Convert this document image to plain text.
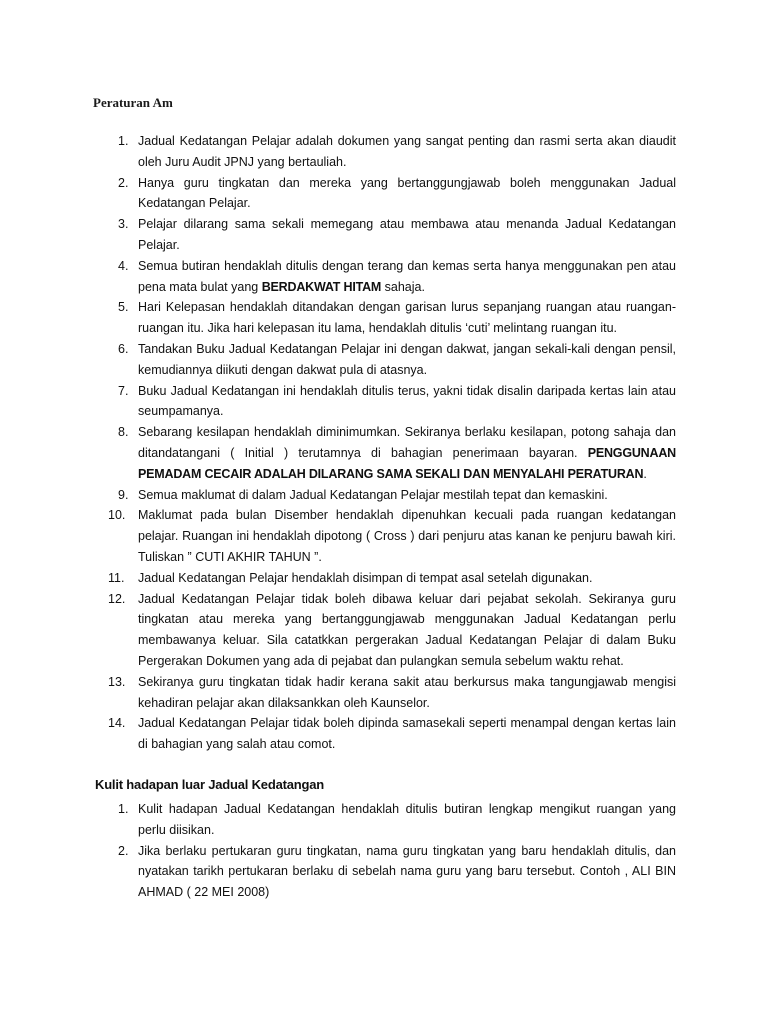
Peraturan Am
1. Jadual Kedatangan Pelajar adalah dokumen yang sangat penting dan rasmi serta akan diaudit oleh Juru Audit JPNJ yang bertauliah.
2. Hanya guru tingkatan dan mereka yang bertanggungjawab boleh menggunakan Jadual Kedatangan Pelajar.
3. Pelajar dilarang sama sekali memegang atau membawa atau menanda Jadual Kedatangan Pelajar.
4. Semua butiran hendaklah ditulis dengan terang dan kemas serta hanya menggunakan pen atau pena mata bulat yang BERDAKWAT HITAM sahaja.
5. Hari Kelepasan hendaklah ditandakan dengan garisan lurus sepanjang ruangan atau ruangan-ruangan itu. Jika hari kelepasan itu lama, hendaklah ditulis ‘cuti’ melintang ruangan itu.
6. Tandakan Buku Jadual Kedatangan Pelajar ini dengan dakwat, jangan sekali-kali dengan pensil, kemudiannya diikuti dengan dakwat pula di atasnya.
7. Buku Jadual Kedatangan ini hendaklah ditulis terus, yakni tidak disalin daripada kertas lain atau seumpamanya.
8. Sebarang kesilapan hendaklah diminimumkan. Sekiranya berlaku kesilapan, potong sahaja dan ditandatangani ( Initial ) terutamnya di bahagian penerimaan bayaran. PENGGUNAAN PEMADAM CECAIR ADALAH DILARANG SAMA SEKALI DAN MENYALAHI PERATURAN.
9. Semua maklumat di dalam Jadual Kedatangan Pelajar mestilah tepat dan kemaskini.
10. Maklumat pada bulan Disember hendaklah dipenuhkan kecuali pada ruangan kedatangan pelajar. Ruangan ini hendaklah dipotong ( Cross ) dari penjuru atas kanan ke penjuru bawah kiri. Tuliskan ” CUTI AKHIR TAHUN ”.
11. Jadual Kedatangan Pelajar hendaklah disimpan di tempat asal setelah digunakan.
12. Jadual Kedatangan Pelajar tidak boleh dibawa keluar dari pejabat sekolah. Sekiranya guru tingkatan atau mereka yang bertanggungjawab menggunakan Jadual Kedatangan perlu membawanya keluar. Sila catatkkan pergerakan Jadual Kedatangan Pelajar di dalam Buku Pergerakan Dokumen yang ada di pejabat dan pulangkan semula sebelum waktu rehat.
13. Sekiranya guru tingkatan tidak hadir kerana sakit atau berkursus maka tangungjawab mengisi kehadiran pelajar akan dilaksankkan oleh Kaunselor.
14. Jadual Kedatangan Pelajar tidak boleh dipinda samasekali seperti menampal dengan kertas lain di bahagian yang salah atau comot.
Kulit hadapan luar Jadual Kedatangan
1. Kulit hadapan Jadual Kedatangan hendaklah ditulis butiran lengkap mengikut ruangan yang perlu diisikan.
2. Jika berlaku pertukaran guru tingkatan, nama guru tingkatan yang baru hendaklah ditulis, dan nyatakan tarikh pertukaran berlaku di sebelah nama guru yang baru tersebut. Contoh , ALI BIN AHMAD ( 22 MEI 2008)
